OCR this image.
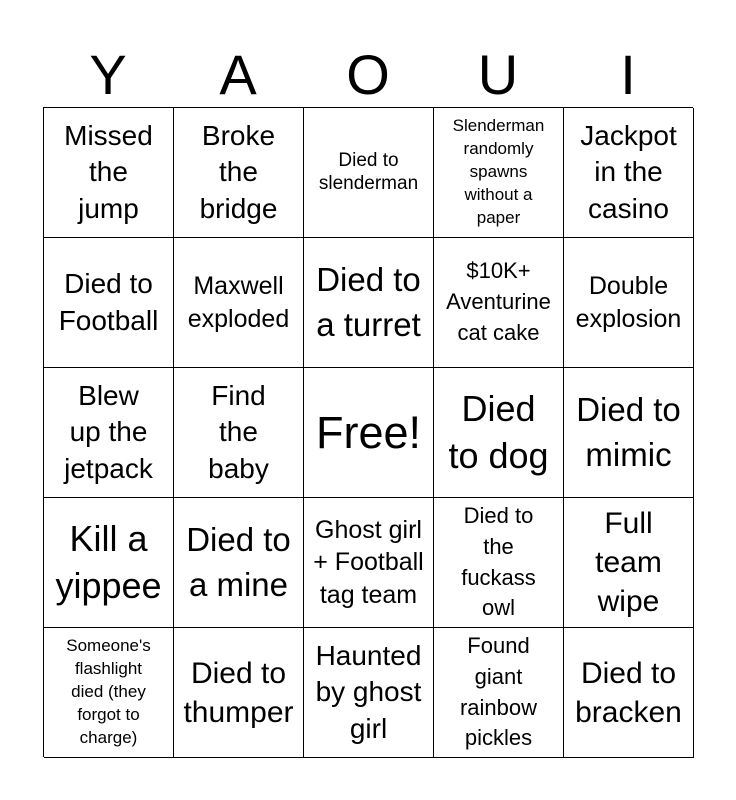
Y	A	O	U	I
Missed
the
jump
Broke
the
bridge
Died to
slenderman
Slenderman
randomly
spawns
without a
paper
Jackpot
in the
casino
Died to
Football
Maxwell
exploded
Died to
a turret
$10K+
Aventurine
cat cake
Double
explosion
Blew
up the
jetpack
Find
the
baby
Free!	Died
to dog
Died to
mimic
Kill a
yippee
Died to
a mine
Ghost girl
+ Football
tag team
Died to
the
fuckass
owl
Full
team
wipe
Someone's
flashlight
died (they
forgot to
charge)
Died to
thumper
Haunted
by ghost
girl
Found
giant
rainbow
pickles
Died to
bracken
